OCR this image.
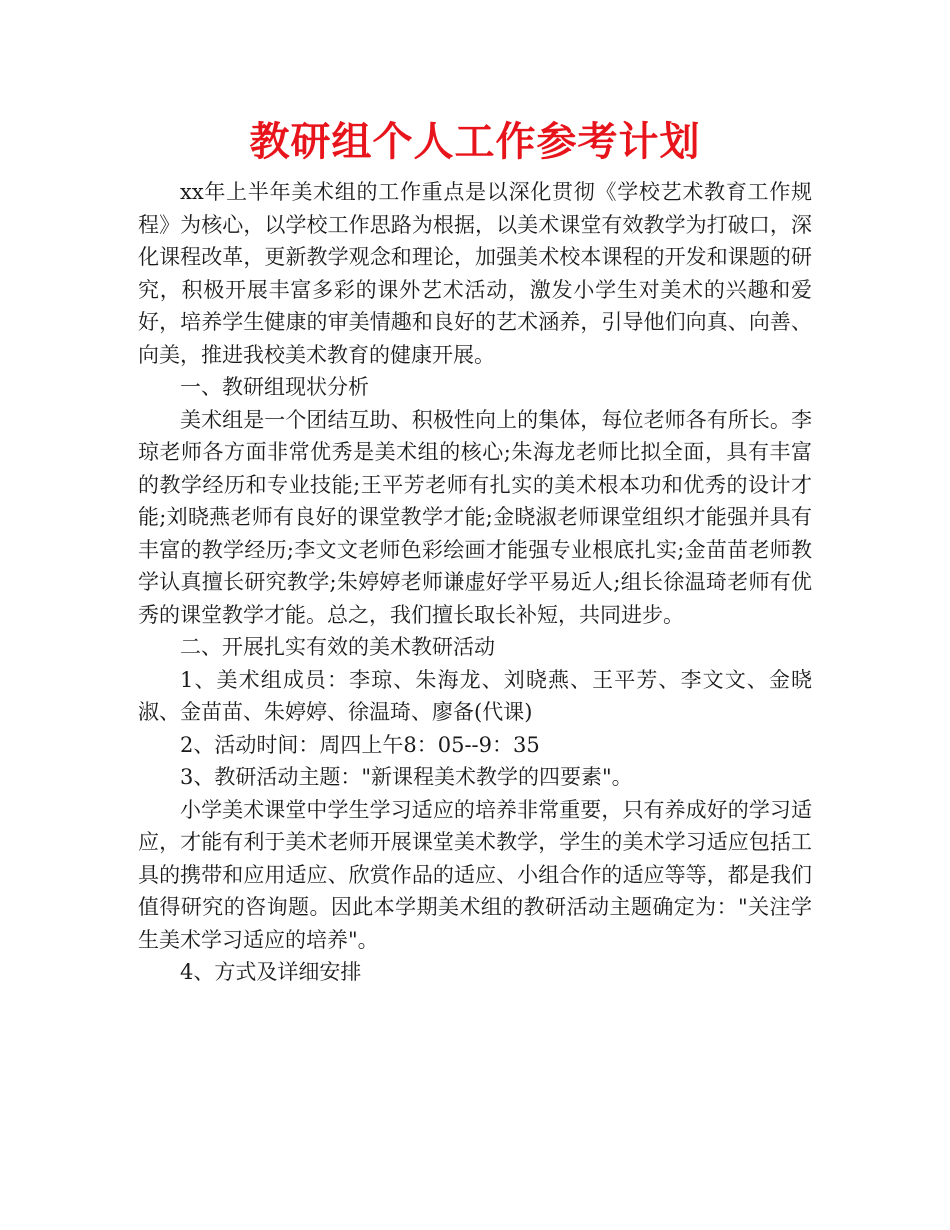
教研组个人工作参考计划

xx年上半年美术组的工作重点是以深化贯彻《学校艺术教育工作规程》为核心，以学校工作思路为根据，以美术课堂有效教学为打破口，深化课程改革，更新教学观念和理论，加强美术校本课程的开发和课题的研究，积极开展丰富多彩的课外艺术活动，激发小学生对美术的兴趣和爱好，培养学生健康的审美情趣和良好的艺术涵养，引导他们向真、向善、向美，推进我校美术教育的健康开展。

一、教研组现状分析

美术组是一个团结互助、积极性向上的集体，每位老师各有所长。李琼老师各方面非常优秀是美术组的核心;朱海龙老师比拟全面，具有丰富的教学经历和专业技能;王平芳老师有扎实的美术根本功和优秀的设计才能;刘晓燕老师有良好的课堂教学才能;金晓淑老师课堂组织才能强并具有丰富的教学经历;李文文老师色彩绘画才能强专业根底扎实;金苗苗老师教学认真擅长研究教学;朱婷婷老师谦虚好学平易近人;组长徐温琦老师有优秀的课堂教学才能。总之，我们擅长取长补短，共同进步。

二、开展扎实有效的美术教研活动

1、美术组成员：李琼、朱海龙、刘晓燕、王平芳、李文文、金晓淑、金苗苗、朱婷婷、徐温琦、廖备(代课)

2、活动时间：周四上午8：05--9：35

3、教研活动主题："新课程美术教学的四要素"。

小学美术课堂中学生学习适应的培养非常重要，只有养成好的学习适应，才能有利于美术老师开展课堂美术教学，学生的美术学习适应包括工具的携带和应用适应、欣赏作品的适应、小组合作的适应等等，都是我们值得研究的咨询题。因此本学期美术组的教研活动主题确定为："关注学生美术学习适应的培养"。

4、方式及详细安排
